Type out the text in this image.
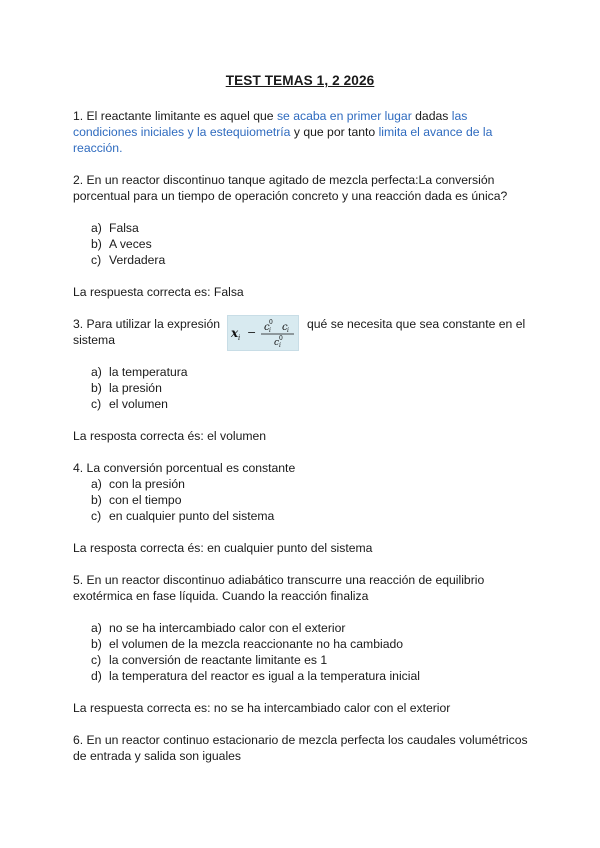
TEST TEMAS 1, 2 2026
1. El reactante limitante es aquel que se acaba en primer lugar dadas las
condiciones iniciales y la estequiometría y que por tanto limita el avance de la
reacción.
2. En un reactor discontinuo tanque agitado de mezcla perfecta:La conversión
porcentual para un tiempo de operación concreto y una reacción dada es única?
a) Falsa
b) A veces
c) Verdadera
La respuesta correcta es: Falsa
3. Para utilizar la expresión
x i − c 0
i c i
c 0
i
qué se necesita que sea constante en el
sistema
a) la temperatura
b) la presión
c) el volumen
La resposta correcta és: el volumen
4. La conversión porcentual es constante
a) con la presión
b) con el tiempo
c) en cualquier punto del sistema
La resposta correcta és: en cualquier punto del sistema
5. En un reactor discontinuo adiabático transcurre una reacción de equilibrio
exotérmica en fase líquida. Cuando la reacción finaliza
a) no se ha intercambiado calor con el exterior
b) el volumen de la mezcla reaccionante no ha cambiado
c) la conversión de reactante limitante es 1
d) la temperatura del reactor es igual a la temperatura inicial
La respuesta correcta es: no se ha intercambiado calor con el exterior
6. En un reactor continuo estacionario de mezcla perfecta los caudales volumétricos
de entrada y salida son iguales
